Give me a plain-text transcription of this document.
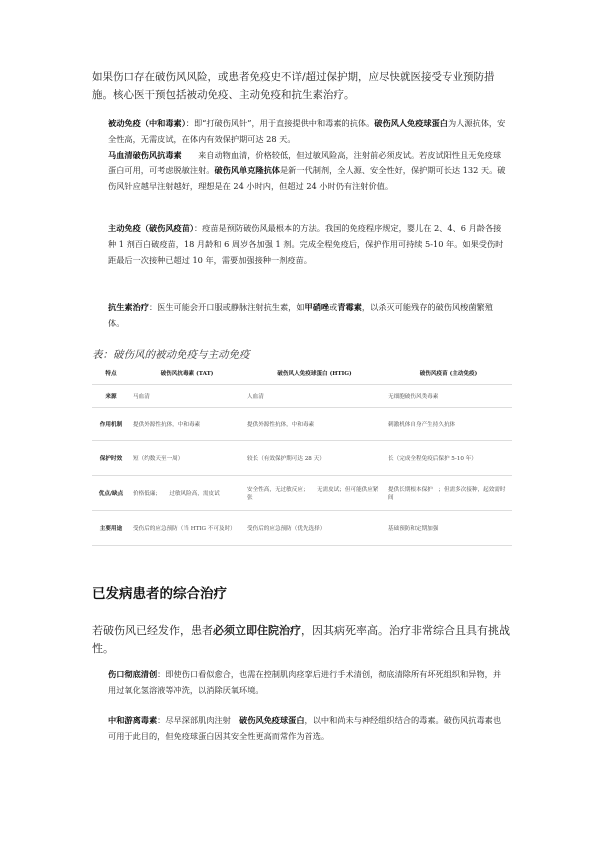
如果伤口存在破伤风风险，或患者免疫史不详/超过保护期，应尽快就医接受专业预防措施。核心医干预包括被动免疫、主动免疫和抗生素治疗。

被动免疫（中和毒素）：即“打破伤风针”，用于直接提供中和毒素的抗体。破伤风人免疫球蛋白为人源抗体，安全性高，无需皮试，在体内有效保护期可达 28 天。
马血清破伤风抗毒素　　 来自动物血清，价格较低，但过敏风险高，注射前必须皮试。若皮试阳性且无免疫球蛋白可用，可考虑脱敏注射。破伤风单克隆抗体是新一代制剂，全人源、安全性好，保护期可长达 132 天。破伤风针应越早注射越好，理想是在 24 小时内，但超过 24 小时仍有注射价值。

主动免疫（破伤风疫苗）：疫苗是预防破伤风最根本的方法。我国的免疫程序规定，婴儿在 2、4、6 月龄各接种 1 剂百白破疫苗，18 月龄和 6 周岁各加强 1 剂。完成全程免疫后，保护作用可持续 5-10 年。如果受伤时距最后一次接种已超过 10 年，需要加强接种一剂疫苗。

抗生素治疗：医生可能会开口服或静脉注射抗生素，如甲硝唑或青霉素，以杀灭可能残存的破伤风梭菌繁殖体。

表：破伤风的被动免疫与主动免疫

特点	破伤风抗毒素 (TAT)	破伤风人免疫球蛋白 (HTIG)	破伤风疫苗 (主动免疫)
来源	马血清	人血清	无细胞破伤风类毒素
作用机制	提供外源性抗体，中和毒素	提供外源性抗体，中和毒素	刺激机体自身产生持久抗体
保护时效	短（约数天至一周）	较长（有效保护期可达 28 天）	长（完成全程免疫后保护 5-10 年）
优点/缺点	价格低廉；　　过敏风险高，需皮试	安全性高，无过敏反应；　　无需皮试；但可能供应紧张	提供长期根本保护　；但需多次接种，起效需时间
主要用途	受伤后的应急预防（当 HTIG 不可及时）	受伤后的应急预防（优先选择）	基础预防和定期加强
已发病患者的综合治疗

若破伤风已经发作，患者必须立即住院治疗，因其病死率高。治疗非常综合且具有挑战性。

伤口彻底清创：即使伤口看似愈合，也需在控制肌肉痉挛后进行手术清创，彻底清除所有坏死组织和异物，并用过氧化氢溶液等冲洗，以消除厌氧环境。

中和游离毒素：尽早深部肌肉注射　破伤风免疫球蛋白，以中和尚未与神经组织结合的毒素。破伤风抗毒素也可用于此目的，但免疫球蛋白因其安全性更高而常作为首选。
